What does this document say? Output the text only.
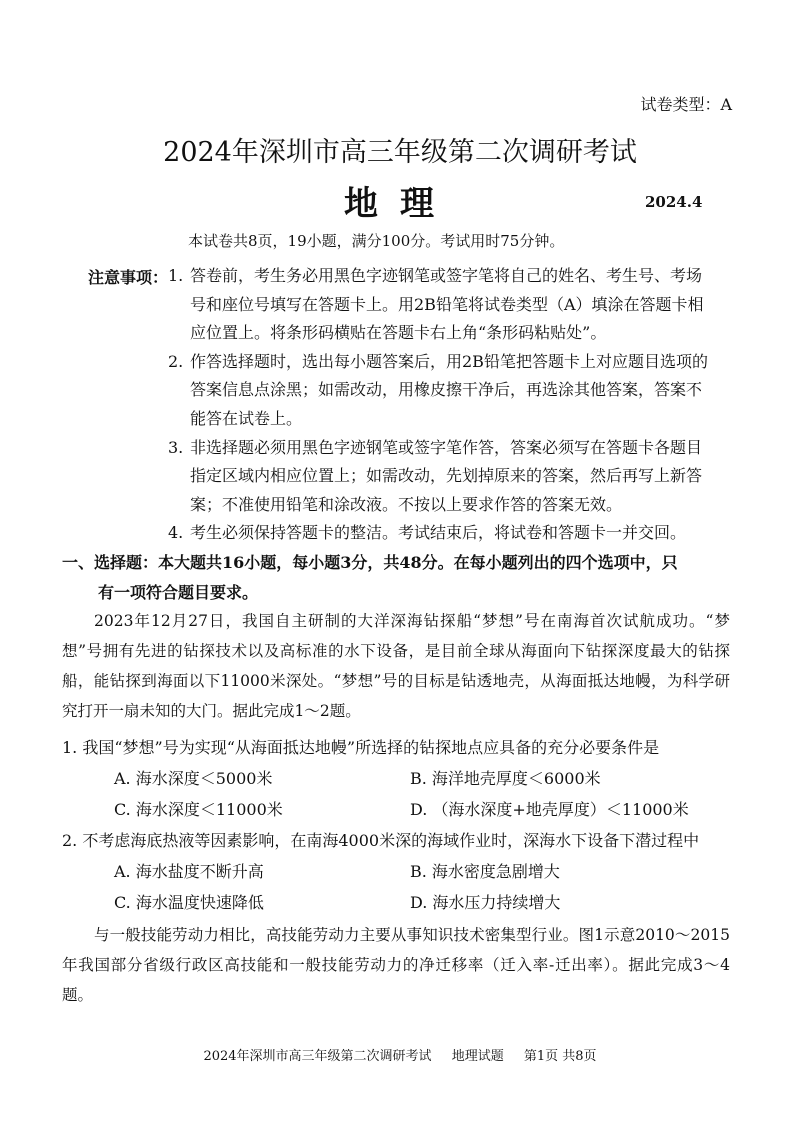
试卷类型：A
2024年深圳市高三年级第二次调研考试
地理	2024.4
本试卷共8页，19小题，满分100分。考试用时75分钟。
注意事项： 1. 答卷前，考生务必用黑色字迹钢笔或签字笔将自己的姓名、考生号、考场号和座位号填写在答题卡上。用2B铅笔将试卷类型（A）填涂在答题卡相应位置上。将条形码横贴在答题卡右上角“条形码粘贴处”。
2. 作答选择题时，选出每小题答案后，用2B铅笔把答题卡上对应题目选项的答案信息点涂黑；如需改动，用橡皮擦干净后，再选涂其他答案，答案不能答在试卷上。
3. 非选择题必须用黑色字迹钢笔或签字笔作答，答案必须写在答题卡各题目指定区域内相应位置上；如需改动，先划掉原来的答案，然后再写上新答案；不准使用铅笔和涂改液。不按以上要求作答的答案无效。
4. 考生必须保持答题卡的整洁。考试结束后，将试卷和答题卡一并交回。
一、选择题：本大题共16小题，每小题3分，共48分。在每小题列出的四个选项中，只
有一项符合题目要求。

2023年12月27日，我国自主研制的大洋深海钻探船“梦想”号在南海首次试航成功。“梦想”号拥有先进的钻探技术以及高标准的水下设备，是目前全球从海面向下钻探深度最大的钻探船，能钻探到海面以下11000米深处。“梦想”号的目标是钻透地壳，从海面抵达地幔，为科学研究打开一扇未知的大门。据此完成1～2题。

1. 我国“梦想”号为实现“从海面抵达地幔”所选择的钻探地点应具备的充分必要条件是
A. 海水深度＜5000米	B. 海洋地壳厚度＜6000米
C. 海水深度＜11000米	D. （海水深度+地壳厚度）＜11000米
2. 不考虑海底热液等因素影响，在南海4000米深的海域作业时，深海水下设备下潜过程中
A. 海水盐度不断升高	B. 海水密度急剧增大
C. 海水温度快速降低	D. 海水压力持续增大

与一般技能劳动力相比，高技能劳动力主要从事知识技术密集型行业。图1示意2010～2015年我国部分省级行政区高技能和一般技能劳动力的净迁移率（迁入率-迁出率）。据此完成3～4题。

2024年深圳市高三年级第二次调研考试 地理试题 第1页 共8页
